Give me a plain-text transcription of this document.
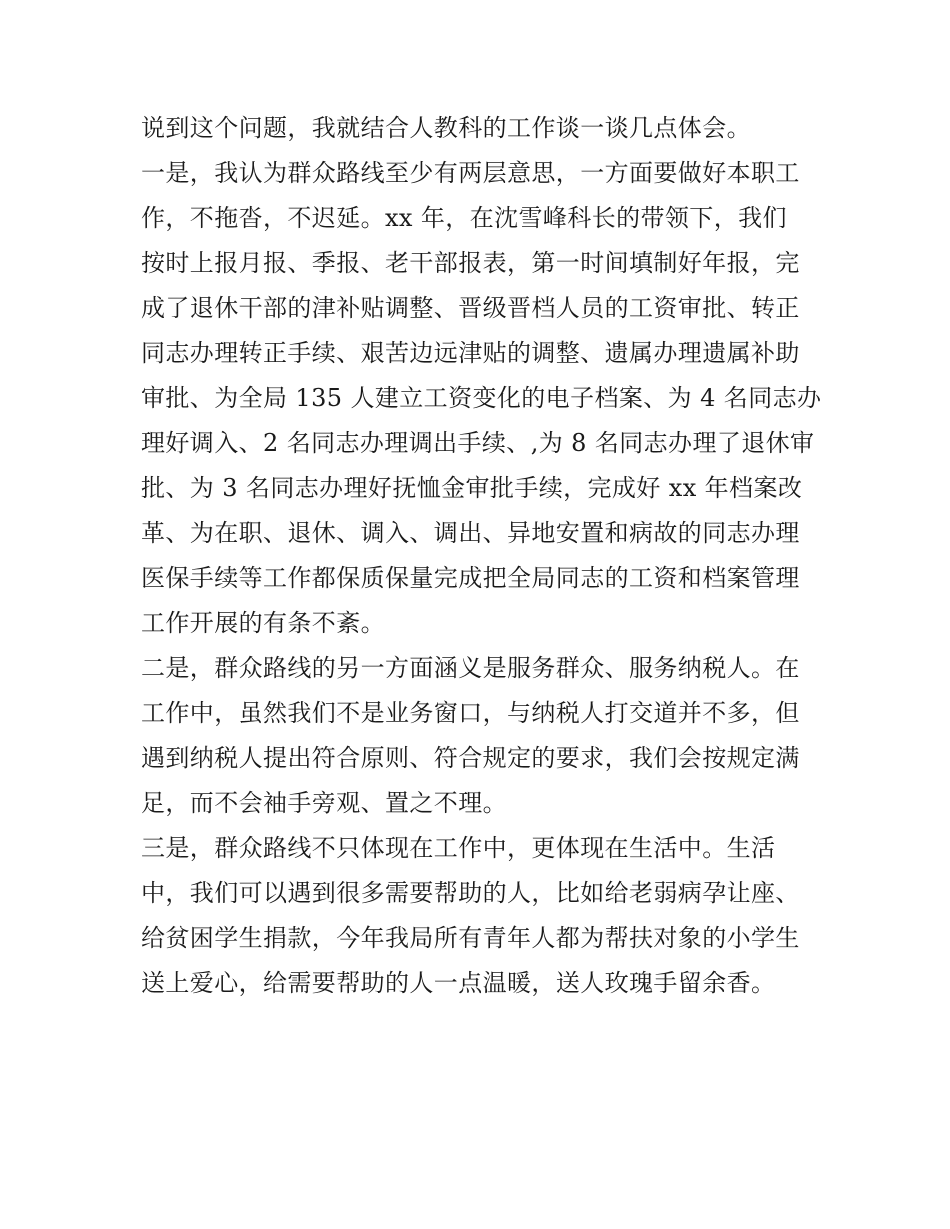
说到这个问题，我就结合人教科的工作谈一谈几点体会。
一是，我认为群众路线至少有两层意思，一方面要做好本职工
作，不拖沓，不迟延。xx 年，在沈雪峰科长的带领下，我们
按时上报月报、季报、老干部报表，第一时间填制好年报，完
成了退休干部的津补贴调整、晋级晋档人员的工资审批、转正
同志办理转正手续、艰苦边远津贴的调整、遗属办理遗属补助
审批、为全局 135 人建立工资变化的电子档案、为 4 名同志办
理好调入、2 名同志办理调出手续、,为 8 名同志办理了退休审
批、为 3 名同志办理好抚恤金审批手续，完成好 xx 年档案改
革、为在职、退休、调入、调出、异地安置和病故的同志办理
医保手续等工作都保质保量完成把全局同志的工资和档案管理
工作开展的有条不紊。
二是，群众路线的另一方面涵义是服务群众、服务纳税人。在
工作中，虽然我们不是业务窗口，与纳税人打交道并不多，但
遇到纳税人提出符合原则、符合规定的要求，我们会按规定满
足，而不会袖手旁观、置之不理。
三是，群众路线不只体现在工作中，更体现在生活中。生活
中，我们可以遇到很多需要帮助的人，比如给老弱病孕让座、
给贫困学生捐款，今年我局所有青年人都为帮扶对象的小学生
送上爱心，给需要帮助的人一点温暖，送人玫瑰手留余香。
